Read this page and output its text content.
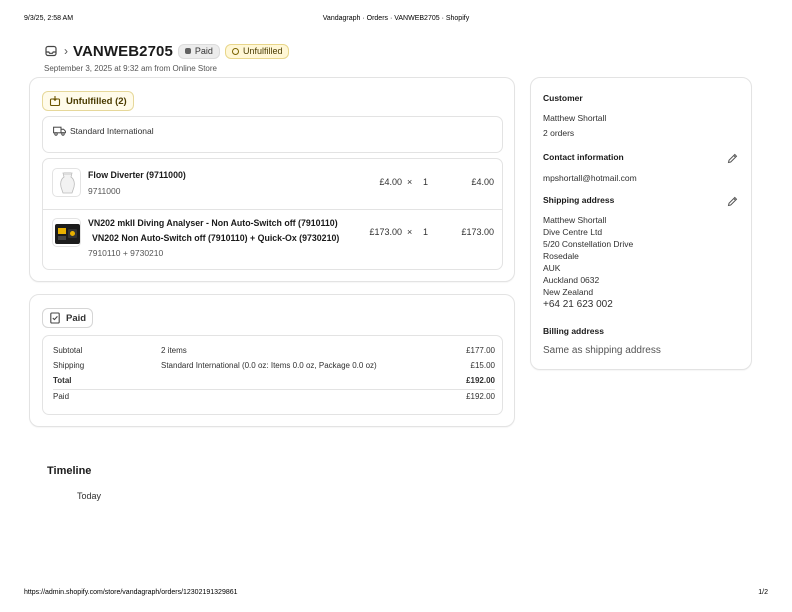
9/3/25, 2:58 AM	Vandagraph · Orders · VANWEB2705 · Shopify
› VANWEB2705 Paid	Unfulfilled
September 3, 2025 at 9:32 am from Online Store
Unfulfilled (2)
Standard International
Flow Diverter (9711000)
9711000
£4.00 × 1	£4.00
VN202 mkII Diving Analyser - Non Auto-Switch off (7910110)
VN202 Non Auto-Switch off (7910110) + Quick-Ox (9730210)
7910110 + 9730210
£173.00 × 1	£173.00
Paid
Subtotal	2 items	£177.00
Shipping	Standard International (0.0 oz: Items 0.0 oz, Package 0.0 oz)	£15.00
Total	£192.00
Paid	£192.00
Customer
Matthew Shortall
2 orders
Contact information
mpshortall@hotmail.com
Shipping address
Matthew Shortall
Dive Centre Ltd
5/20 Constellation Drive
Rosedale
AUK
Auckland 0632
New Zealand
+64 21 623 002
Billing address
Same as shipping address
Timeline
Today
https://admin.shopify.com/store/vandagraph/orders/12302191329861	1/2
